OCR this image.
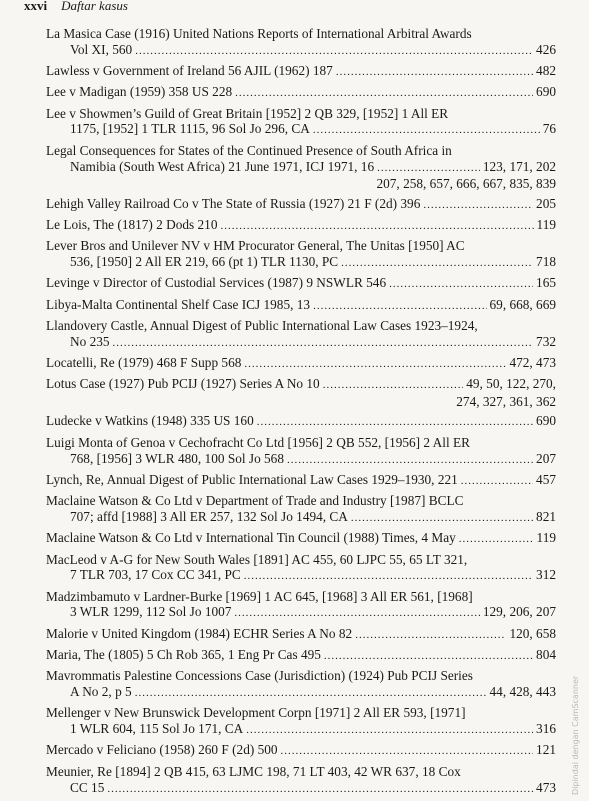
xxvi Daftar kasus
La Masica Case (1916) United Nations Reports of International Arbitral Awards
Vol XI, 560 .....	426
Lawless v Government of Ireland 56 AJIL (1962) 187 .....	482
Lee v Madigan (1959) 358 US 228 .....	690
Lee v Showmen’s Guild of Great Britain [1952] 2 QB 329, [1952] 1 All ER
1175, [1952] 1 TLR 1115, 96 Sol Jo 296, CA .....	76
Legal Consequences for States of the Continued Presence of South Africa in
Namibia (South West Africa) 21 June 1971, ICJ 1971, 16 .....	123, 171, 202
207, 258, 657, 666, 667, 835, 839
Lehigh Valley Railroad Co v The State of Russia (1927) 21 F (2d) 396 .....	205
Le Lois, The (1817) 2 Dods 210 .....	119
Lever Bros and Unilever NV v HM Procurator General, The Unitas [1950] AC
536, [1950] 2 All ER 219, 66 (pt 1) TLR 1130, PC .....	718
Levinge v Director of Custodial Services (1987) 9 NSWLR 546 .....	165
Libya-Malta Continental Shelf Case ICJ 1985, 13 .....	69, 668, 669
Llandovery Castle, Annual Digest of Public International Law Cases 1923–1924,
No 235 .....	732
Locatelli, Re (1979) 468 F Supp 568 .....	472, 473
Lotus Case (1927) Pub PCIJ (1927) Series A No 10 .....	49, 50, 122, 270,
274, 327, 361, 362
Ludecke v Watkins (1948) 335 US 160 .....	690
Luigi Monta of Genoa v Cechofracht Co Ltd [1956] 2 QB 552, [1956] 2 All ER
768, [1956] 3 WLR 480, 100 Sol Jo 568 .....	207
Lynch, Re, Annual Digest of Public International Law Cases 1929–1930, 221 .....	457
Maclaine Watson & Co Ltd v Department of Trade and Industry [1987] BCLC
707; affd [1988] 3 All ER 257, 132 Sol Jo 1494, CA .....	821
Maclaine Watson & Co Ltd v International Tin Council (1988) Times, 4 May .....	119
MacLeod v A-G for New South Wales [1891] AC 455, 60 LJPC 55, 65 LT 321,
7 TLR 703, 17 Cox CC 341, PC .....	312
Madzimbamuto v Lardner-Burke [1969] 1 AC 645, [1968] 3 All ER 561, [1968]
3 WLR 1299, 112 Sol Jo 1007 .....	129, 206, 207
Malorie v United Kingdom (1984) ECHR Series A No 82 .....	120, 658
Maria, The (1805) 5 Ch Rob 365, 1 Eng Pr Cas 495 .....	804
Mavrommatis Palestine Concessions Case (Jurisdiction) (1924) Pub PCIJ Series
A No 2, p 5 .....	44, 428, 443
Mellenger v New Brunswick Development Corpn [1971] 2 All ER 593, [1971]
1 WLR 604, 115 Sol Jo 171, CA .....	316
Mercado v Feliciano (1958) 260 F (2d) 500 .....	121
Meunier, Re [1894] 2 QB 415, 63 LJMC 198, 71 LT 403, 42 WR 637, 18 Cox
CC 15 .....	473 Dipindai dengan CamScanner
